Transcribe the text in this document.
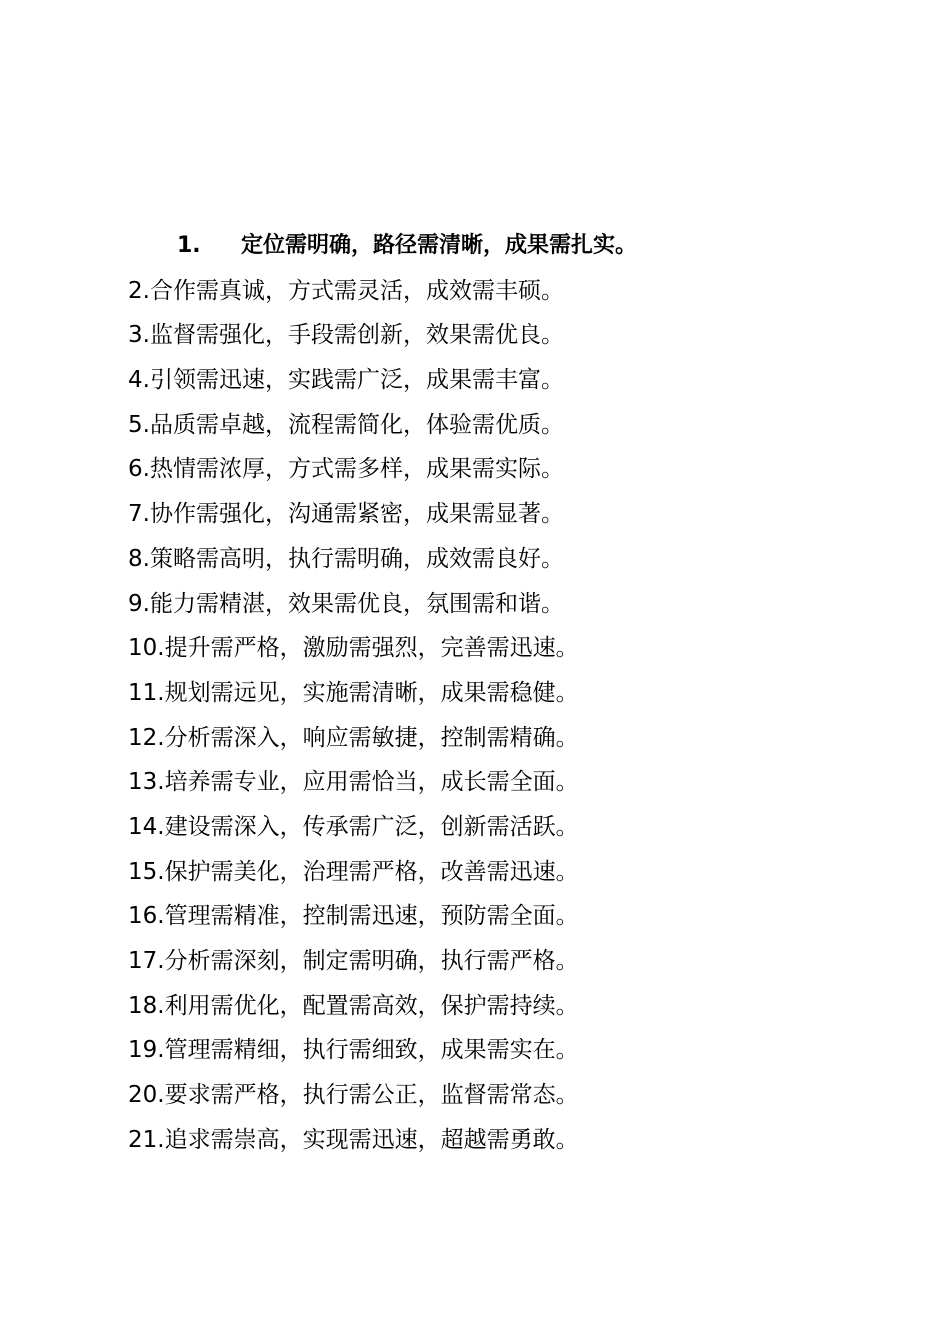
1. 定位需明确，路径需清晰，成果需扎实。
2.合作需真诚，方式需灵活，成效需丰硕。
3.监督需强化，手段需创新，效果需优良。
4.引领需迅速，实践需广泛，成果需丰富。
5.品质需卓越，流程需简化，体验需优质。
6.热情需浓厚，方式需多样，成果需实际。
7.协作需强化，沟通需紧密，成果需显著。
8.策略需高明，执行需明确，成效需良好。
9.能力需精湛，效果需优良，氛围需和谐。
10.提升需严格，激励需强烈，完善需迅速。
11.规划需远见，实施需清晰，成果需稳健。
12.分析需深入，响应需敏捷，控制需精确。
13.培养需专业，应用需恰当，成长需全面。
14.建设需深入，传承需广泛，创新需活跃。
15.保护需美化，治理需严格，改善需迅速。
16.管理需精准，控制需迅速，预防需全面。
17.分析需深刻，制定需明确，执行需严格。
18.利用需优化，配置需高效，保护需持续。
19.管理需精细，执行需细致，成果需实在。
20.要求需严格，执行需公正，监督需常态。
21.追求需崇高，实现需迅速，超越需勇敢。
